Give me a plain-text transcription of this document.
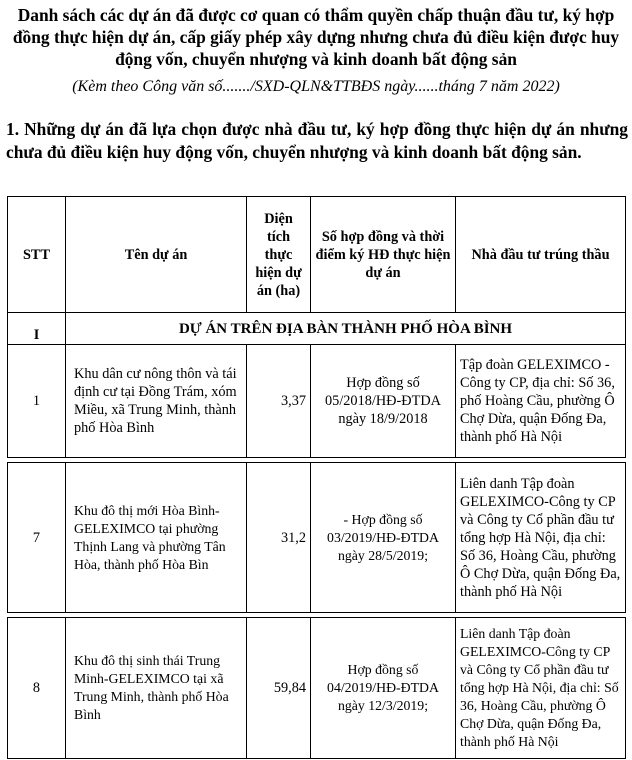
Danh sách các dự án đã được cơ quan có thẩm quyền chấp thuận đầu tư, ký hợp đồng thực hiện dự án, cấp giấy phép xây dựng nhưng chưa đủ điều kiện được huy động vốn, chuyển nhượng và kinh doanh bất động sản
(Kèm theo Công văn số......./SXD-QLN&TTBĐS ngày......tháng 7 năm 2022)
1. Những dự án đã lựa chọn được nhà đầu tư, ký hợp đồng thực hiện dự án nhưng chưa đủ điều kiện huy động vốn, chuyển nhượng và kinh doanh bất động sản.
STT	Tên dự án	Diện tích thực hiện dự án (ha)	Số hợp đồng và thời điểm ký HĐ thực hiện dự án	Nhà đầu tư trúng thầu
I	DỰ ÁN TRÊN ĐỊA BÀN THÀNH PHỐ HÒA BÌNH			
1	Khu dân cư nông thôn và tái định cư tại Đồng Trám, xóm Miều, xã Trung Minh, thành phố Hòa Bình	3,37	Hợp đồng số 05/2018/HĐ-ĐTDA ngày 18/9/2018	Tập đoàn GELEXIMCO - Công ty CP, địa chỉ: Số 36, phố Hoàng Cầu, phường Ô Chợ Dừa, quận Đống Đa, thành phố Hà Nội
7	Khu đô thị mới Hòa Bình-GELEXIMCO tại phường Thịnh Lang và phường Tân Hòa, thành phố Hòa Bìn	31,2	- Hợp đồng số 03/2019/HĐ-ĐTDA ngày 28/5/2019;	Liên danh Tập đoàn GELEXIMCO-Công ty CP và Công ty Cổ phần đầu tư tổng hợp Hà Nội, địa chỉ: Số 36, Hoàng Cầu, phường Ô Chợ Dừa, quận Đống Đa, thành phố Hà Nội
8	Khu đô thị sinh thái Trung Minh-GELEXIMCO tại xã Trung Minh, thành phố Hòa Bình	59,84	Hợp đồng số 04/2019/HĐ-ĐTDA ngày 12/3/2019;	Liên danh Tập đoàn GELEXIMCO-Công ty CP và Công ty Cổ phần đầu tư tổng hợp Hà Nội, địa chỉ: Số 36, Hoàng Cầu, phường Ô Chợ Dừa, quận Đống Đa, thành phố Hà Nội
